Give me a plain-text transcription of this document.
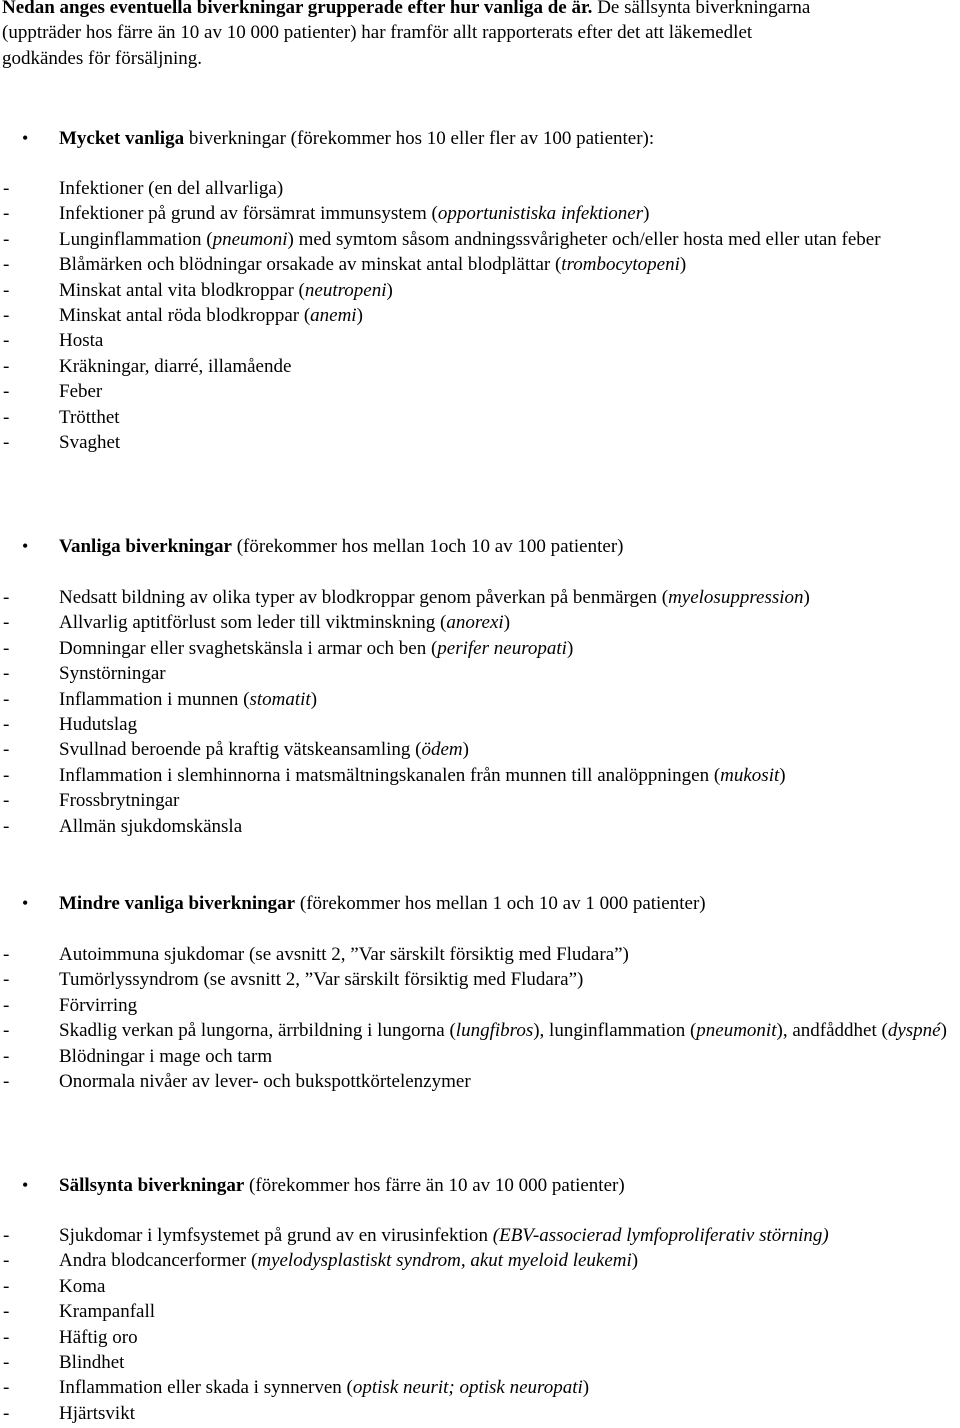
Nedan anges eventuella biverkningar grupperade efter hur vanliga de är. De sällsynta biverkningarna
(uppträder hos färre än 10 av 10 000 patienter) har framför allt rapporterats efter det att läkemedlet
godkändes för försäljning.
• Mycket vanliga biverkningar (förekommer hos 10 eller fler av 100 patienter):
-	Infektioner (en del allvarliga)
-	Infektioner på grund av försämrat immunsystem (opportunistiska infektioner)
-	Lunginflammation (pneumoni) med symtom såsom andningssvårigheter och/eller hosta med eller utan feber
-	Blåmärken och blödningar orsakade av minskat antal blodplättar (trombocytopeni)
-	Minskat antal vita blodkroppar (neutropeni)
-	Minskat antal röda blodkroppar (anemi)
-	Hosta
-	Kräkningar, diarré, illamående
-	Feber
-	Trötthet
-	Svaghet
• Vanliga biverkningar (förekommer hos mellan 1och 10 av 100 patienter)
-	Nedsatt bildning av olika typer av blodkroppar genom påverkan på benmärgen (myelosuppression)
-	Allvarlig aptitförlust som leder till viktminskning (anorexi)
-	Domningar eller svaghetskänsla i armar och ben (perifer neuropati)
-	Synstörningar
-	Inflammation i munnen (stomatit)
-	Hudutslag
-	Svullnad beroende på kraftig vätskeansamling (ödem)
-	Inflammation i slemhinnorna i matsmältningskanalen från munnen till analöppningen (mukosit)
-	Frossbrytningar
-	Allmän sjukdomskänsla
• Mindre vanliga biverkningar (förekommer hos mellan 1 och 10 av 1 000 patienter)
-	Autoimmuna sjukdomar (se avsnitt 2, ”Var särskilt försiktig med Fludara”)
-	Tumörlyssyndrom (se avsnitt 2, ”Var särskilt försiktig med Fludara”)
-	Förvirring
-	Skadlig verkan på lungorna, ärrbildning i lungorna (lungfibros), lunginflammation (pneumonit), andfåddhet (dyspné)
-	Blödningar i mage och tarm
-	Onormala nivåer av lever- och bukspottkörtelenzymer
• Sällsynta biverkningar (förekommer hos färre än 10 av 10 000 patienter)
-	Sjukdomar i lymfsystemet på grund av en virusinfektion (EBV-associerad lymfoproliferativ störning)
-	Andra blodcancerformer (myelodysplastiskt syndrom, akut myeloid leukemi)
-	Koma
-	Krampanfall
-	Häftig oro
-	Blindhet
-	Inflammation eller skada i synnerven (optisk neurit; optisk neuropati)
-	Hjärtsvikt
